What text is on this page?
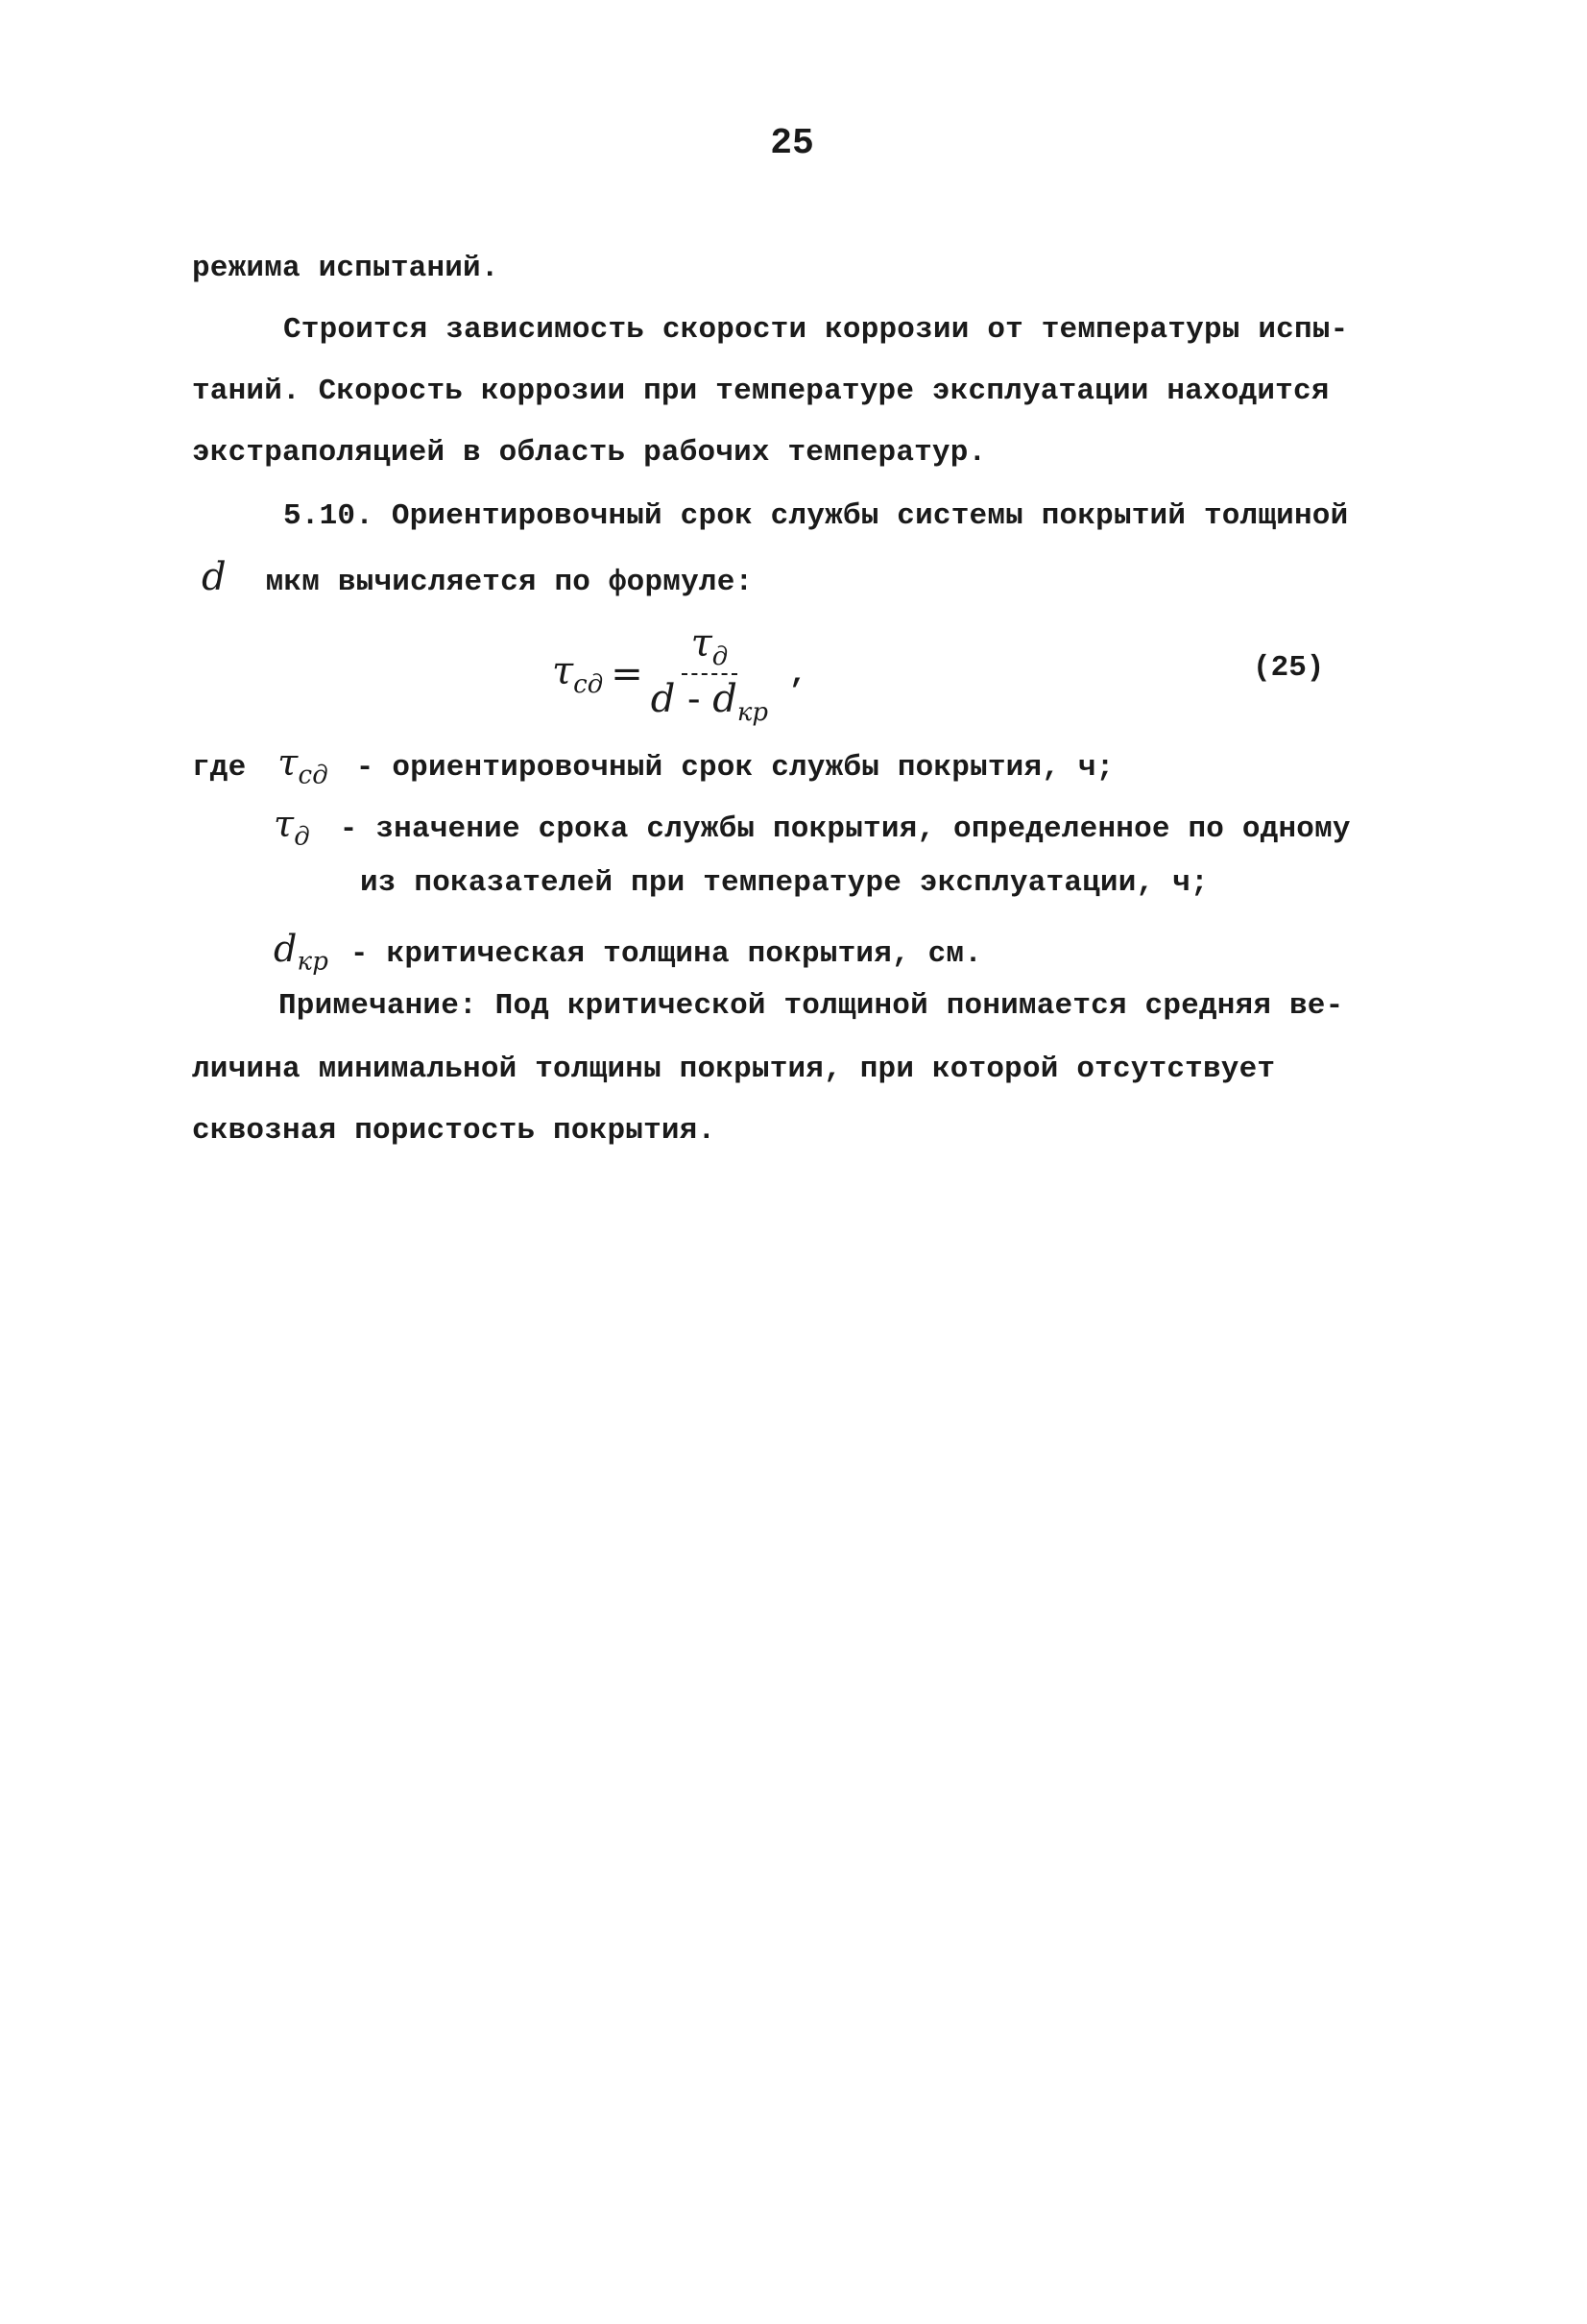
25
режима испытаний.
Строится зависимость скорости коррозии от температуры испы-
таний. Скорость коррозии при температуре эксплуатации находится
экстраполяцией в область рабочих температур.
5.10. Ориентировочный срок службы системы покрытий толщиной
d мкм вычисляется по формуле:
$\tau_{сд} = \frac{\tau_д}{d - d_{кр}}$ ,	(25)
где $\tau_{сд}$ - ориентировочный срок службы покрытия, ч;
$\tau_д$ - значение срока службы покрытия, определенное по одному
из показателей при температуре эксплуатации, ч;
$d_{кр}$ - критическая толщина покрытия, см.
Примечание: Под критической толщиной понимается средняя ве-
личина минимальной толщины покрытия, при которой отсутствует
сквозная пористость покрытия.
